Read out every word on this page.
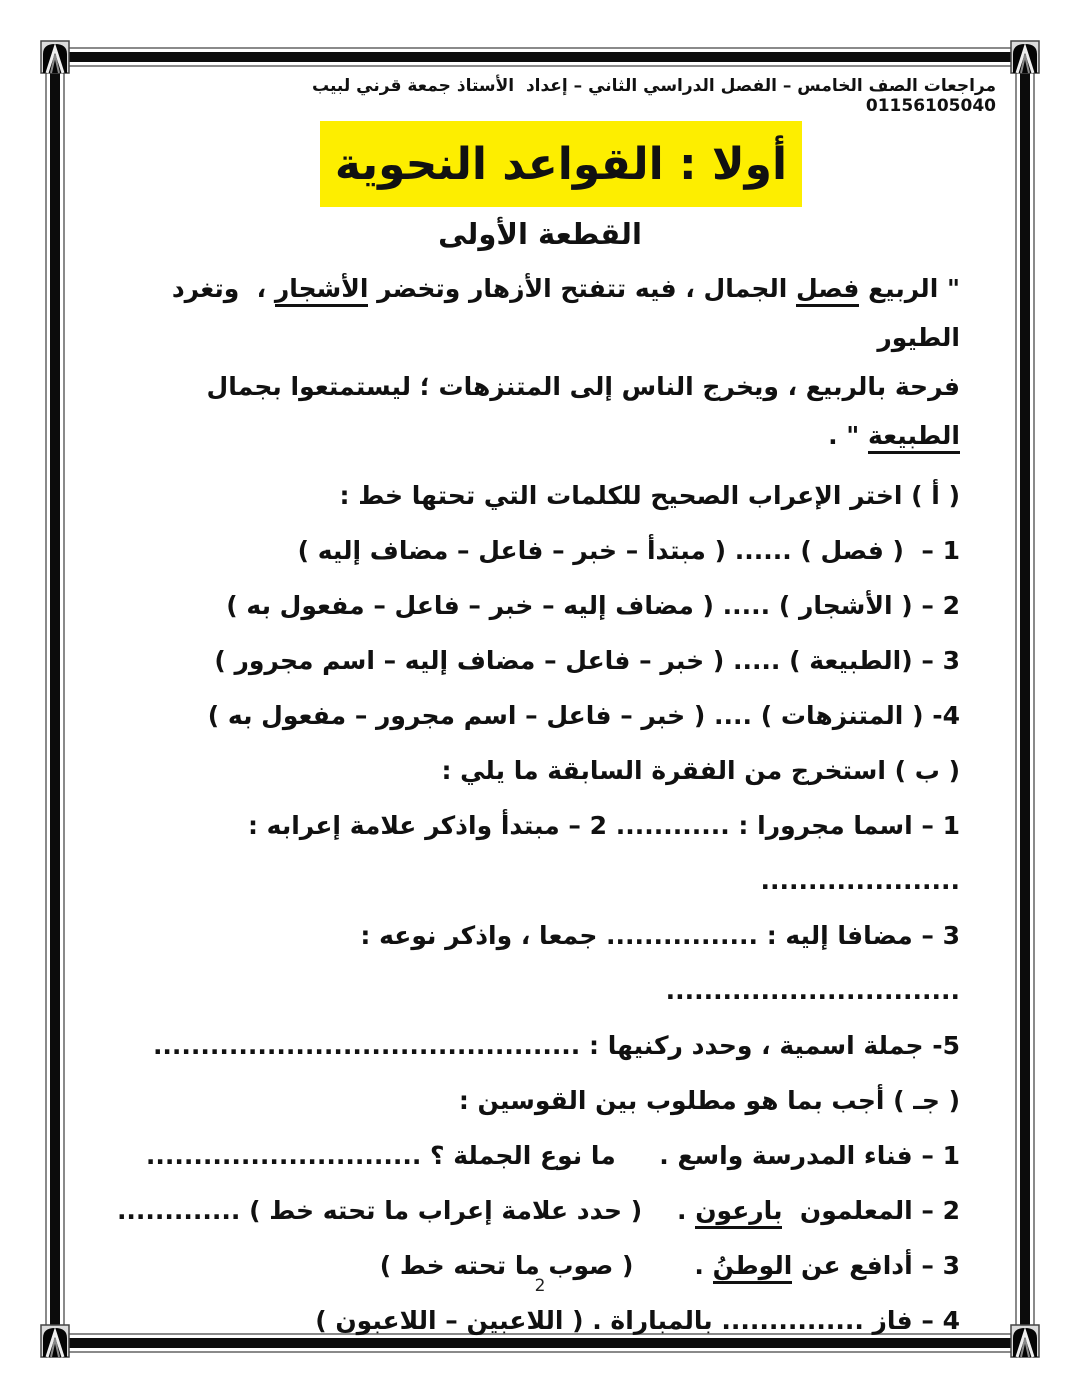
مراجعات الصف الخامس – الفصل الدراسي الثاني – إعداد  الأستاذ جمعة قرني لبيب  01156105040
أولا : القواعد النحوية
القطعة الأولى
" الربيع فصل الجمال ، فيه تتفتح الأزهار وتخضر الأشجار ،  وتغرد الطيور
فرحة بالربيع ، ويخرج الناس إلى المتنزهات ؛ ليستمتعوا بجمال الطبيعة " .
( أ ) اختر الإعراب الصحيح للكلمات التي تحتها خط :
1 –  ( فصل ) ...... ( مبتدأ – خبر – فاعل – مضاف إليه )
2 – ( الأشجار ) ..... ( مضاف إليه – خبر – فاعل – مفعول به )
3 – (الطبيعة ) ..... ( خبر – فاعل – مضاف إليه – اسم مجرور )
4- ( المتنزهات ) .... ( خبر – فاعل – اسم مجرور – مفعول به )
( ب ) استخرج من الفقرة السابقة ما يلي :
1 – اسما مجرورا : ............ 2 – مبتدأ واذكر علامة إعرابه : .....................
3 – مضافا إليه : ................ جمعا ، واذكر نوعه : ...............................
5- جملة اسمية ، وحدد ركنيها : .............................................
( جـ ) أجب بما هو مطلوب بين القوسين :
1 – فناء المدرسة واسع .     ما نوع الجملة ؟ .............................
2 – المعلمون  بارعون .    ( حدد علامة إعراب ما تحته خط ) .............
3 – أدافع عن الوطنُ .       ( صوب ما تحته خط )
4 – فاز ............... بالمباراة . ( اللاعبين – اللاعبون )
2
